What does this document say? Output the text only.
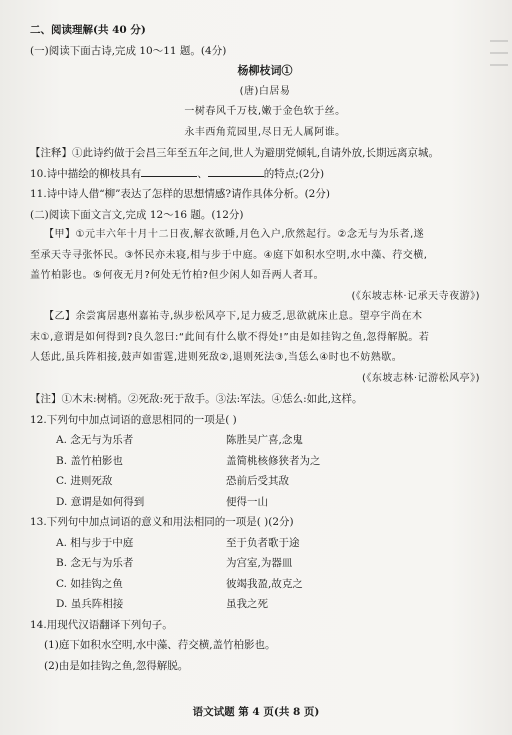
二、阅读理解(共 40 分)
(一)阅读下面古诗,完成 10～11 题。(4分)
杨柳枝词①
(唐)白居易
一树春风千万枝,嫩于金色软于丝。
永丰西角荒园里,尽日无人属阿谁。
【注释】①此诗约做于会昌三年至五年之间,世人为避朋党倾轧,自请外放,长期远离京城。
10.诗中描绘的柳枝具有	、	的特点;(2分)
11.诗中诗人借“柳”表达了怎样的思想情感?请作具体分析。(2分)
(二)阅读下面文言文,完成 12～16 题。(12分)
【甲】①元丰六年十月十二日夜,解衣欲睡,月色入户,欣然起行。②念无与为乐者,遂
至承天寺寻张怀民。③怀民亦未寝,相与步于中庭。④庭下如积水空明,水中藻、荇交横,
盖竹柏影也。⑤何夜无月?何处无竹柏?但少闲人如吾两人者耳。
(《东坡志林·记承天寺夜游》)
【乙】余尝寓居惠州嘉祐寺,纵步松风亭下,足力疲乏,思欲就床止息。望亭宇尚在木
末①,意谓是如何得到?良久忽曰:“此间有什么歇不得处!”由是如挂钩之鱼,忽得解脱。若
人恁此,虽兵阵相接,鼓声如雷霆,进则死敌②,退则死法③,当恁么④时也不妨熟歇。
(《东坡志林·记游松风亭》)
【注】①木末:树梢。②死敌:死于敌手。③法:军法。④恁么:如此,这样。
12.下列句中加点词语的意思相同的一项是( )
A. 念无与为乐者	陈胜吴广喜,念鬼
B. 盖竹柏影也	盖简桃核修狭者为之
C. 进则死敌	恐前后受其敌
D. 意谓是如何得到	便得一山
13.下列句中加点词语的意义和用法相同的一项是( )(2分)
A. 相与步于中庭	至于负者歌于途
B. 念无与为乐者	为宫室,为器皿
C. 如挂钩之鱼	彼竭我盈,故克之
D. 虽兵阵相接	虽我之死
14.用现代汉语翻译下列句子。
(1)庭下如积水空明,水中藻、荇交横,盖竹柏影也。
(2)由是如挂钩之鱼,忽得解脱。
语文试题 第 4 页(共 8 页)
